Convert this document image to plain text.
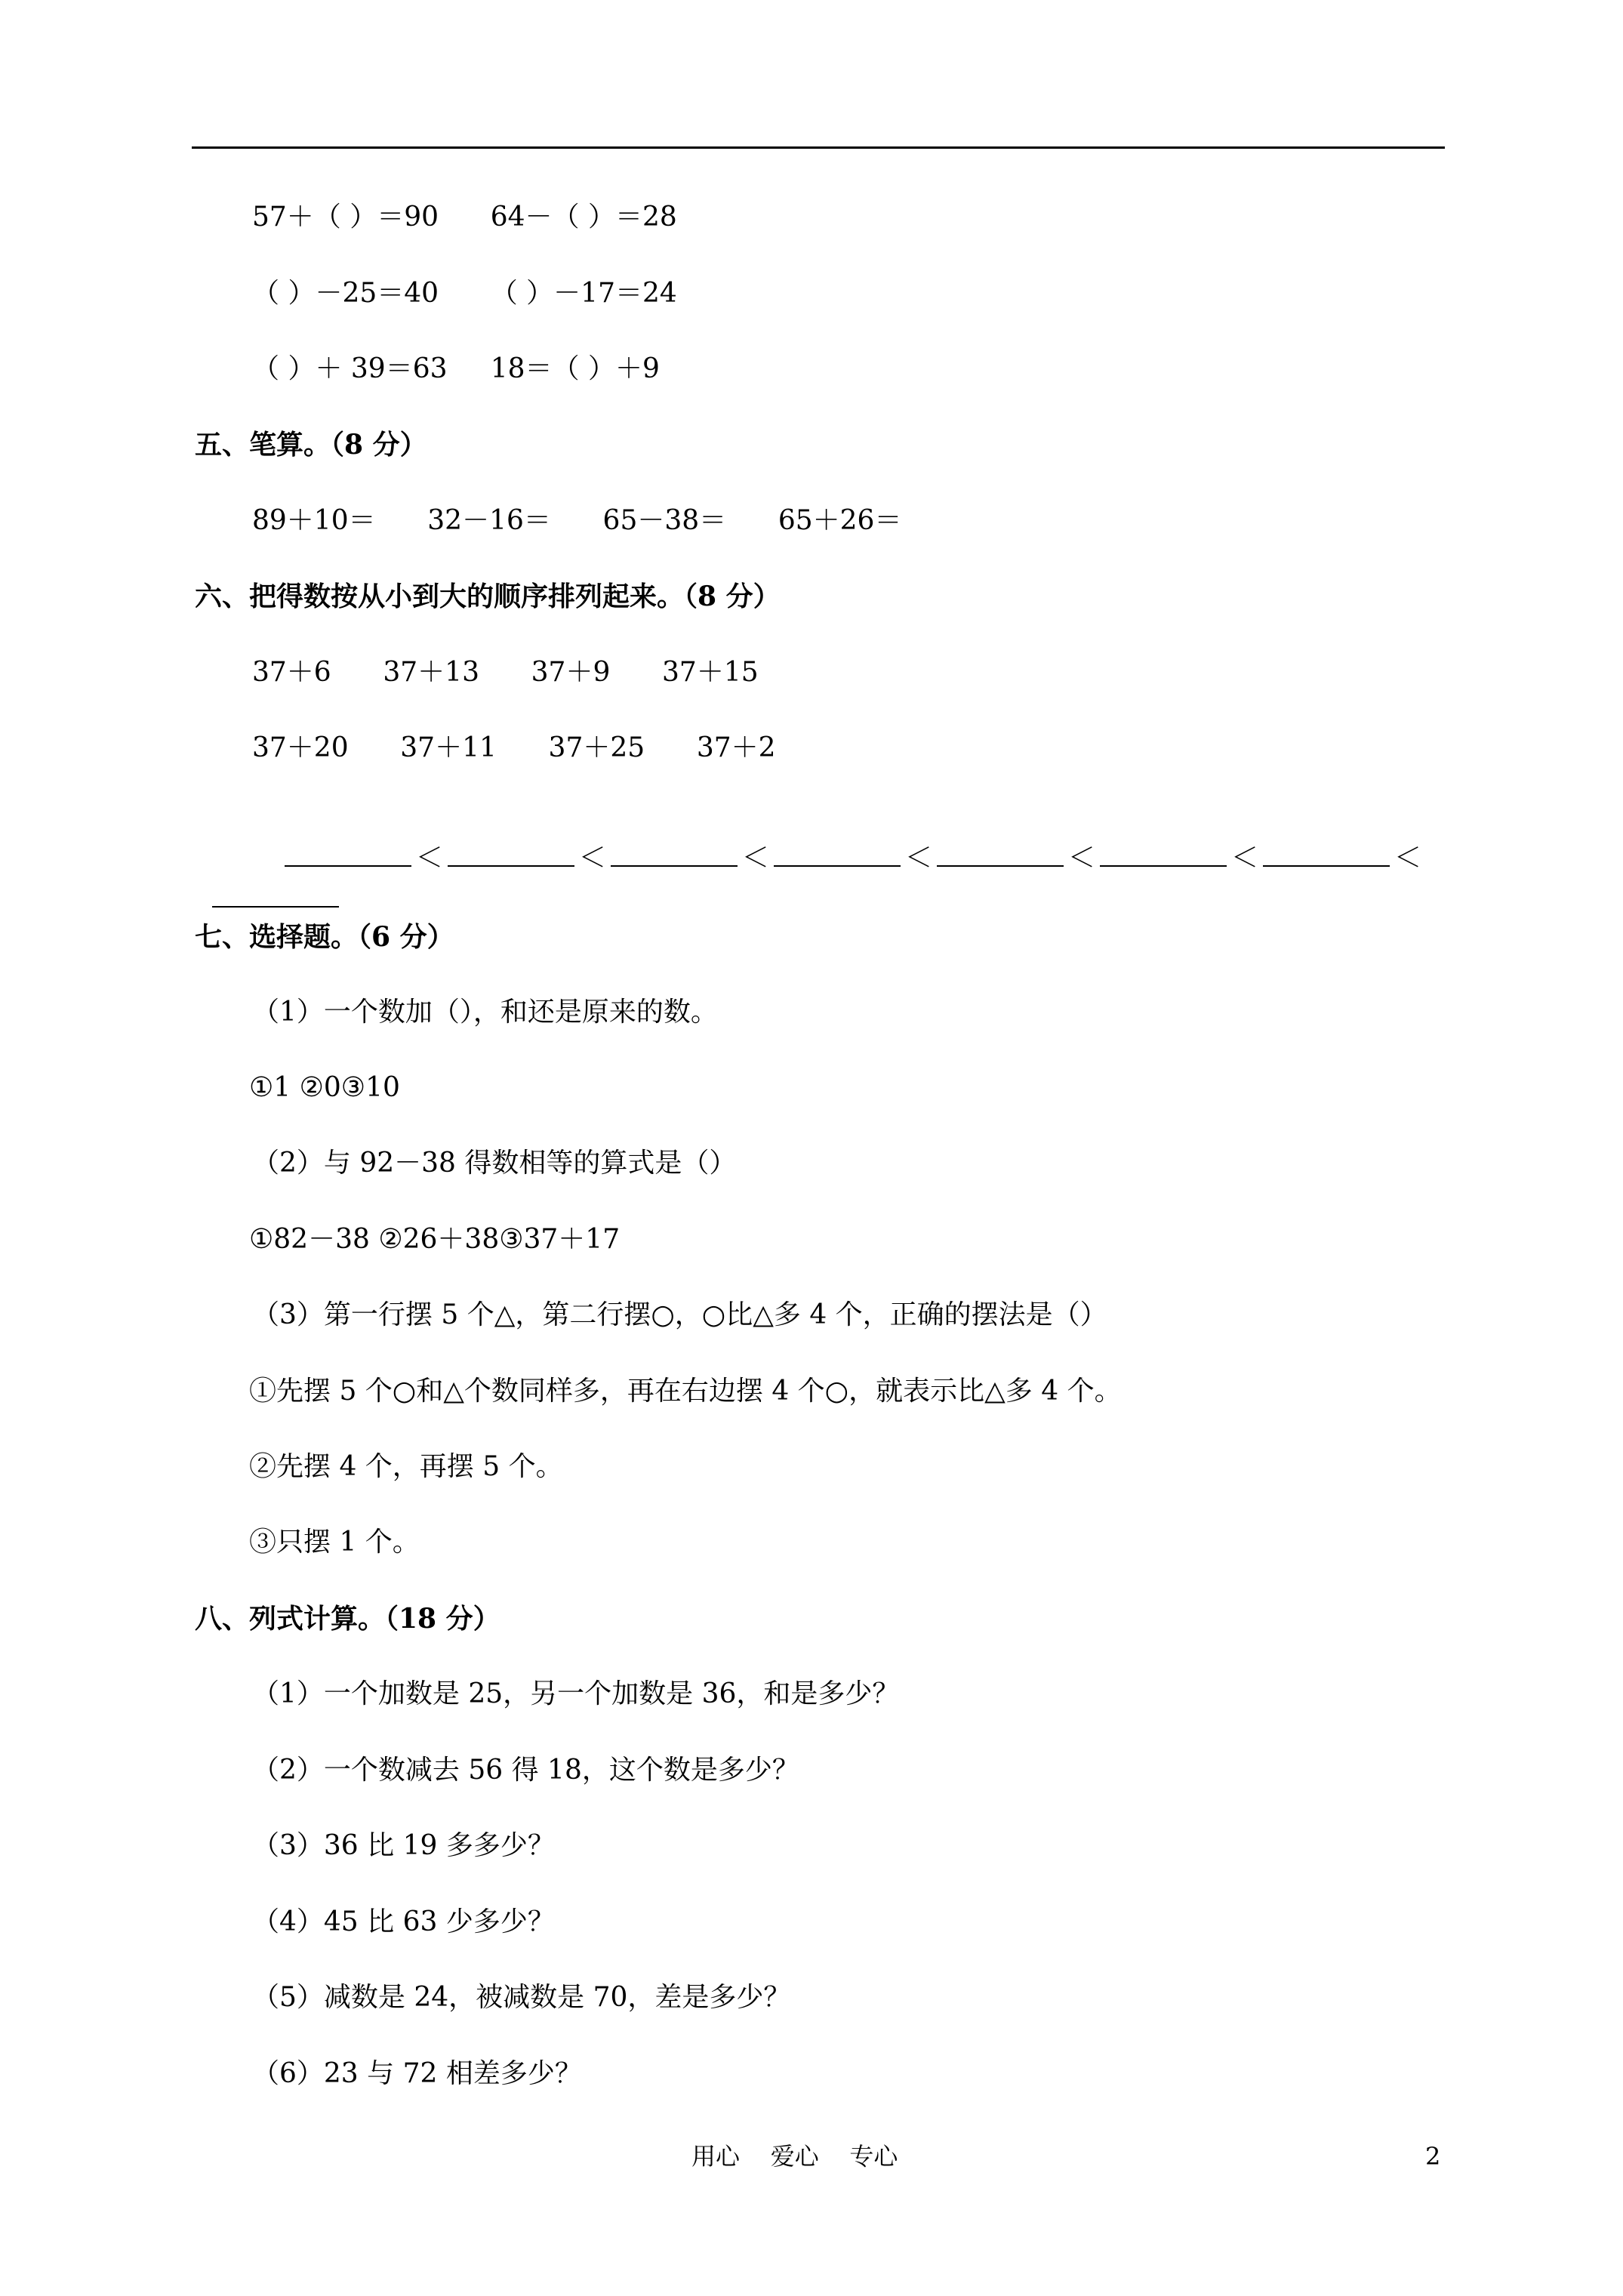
57＋（ ）＝90      64－（ ）＝28
（ ）－25＝40      （ ）－17＝24
（ ）＋ 39＝63     18＝（ ）＋9
五、笔算。（8 分）
89＋10＝      32－16＝      65－38＝      65＋26＝
六、把得数按从小到大的顺序排列起来。（8 分）
37＋6      37＋13      37＋9      37＋15
37＋20      37＋11      37＋25      37＋2

＜	＜	＜	＜	＜	＜	＜

七、选择题。（6 分）
（1）一个数加（），和还是原来的数。
①1 ②0③10
（2）与 92－38 得数相等的算式是（）
①82－38 ②26＋38③37＋17
（3）第一行摆 5 个△，第二行摆○，○比△多 4 个，正确的摆法是（）
①先摆 5 个○和△个数同样多，再在右边摆 4 个○，就表示比△多 4 个。
②先摆 4 个，再摆 5 个。
③只摆 1 个。
八、列式计算。（18 分）
（1）一个加数是 25，另一个加数是 36，和是多少？
（2）一个数减去 56 得 18，这个数是多少？
（3）36 比 19 多多少？
（4）45 比 63 少多少？
（5）减数是 24，被减数是 70，差是多少？
（6）23 与 72 相差多少？
用心    爱心    专心	2
